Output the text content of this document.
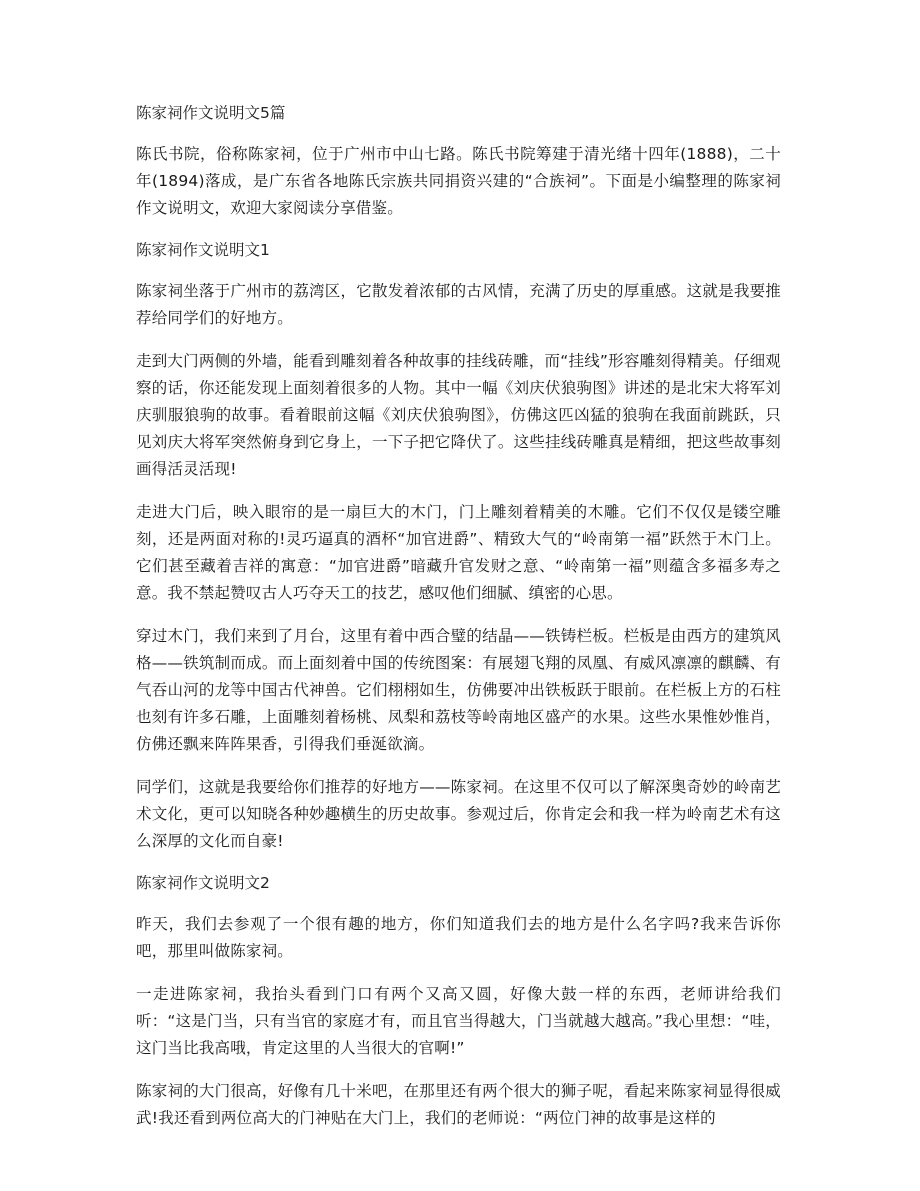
陈家祠作文说明文5篇

陈氏书院，俗称陈家祠，位于广州市中山七路。陈氏书院筹建于清光绪十四年(1888)，二十年(1894)落成，是广东省各地陈氏宗族共同捐资兴建的“合族祠”。下面是小编整理的陈家祠作文说明文，欢迎大家阅读分享借鉴。

陈家祠作文说明文1

陈家祠坐落于广州市的荔湾区，它散发着浓郁的古风情，充满了历史的厚重感。这就是我要推荐给同学们的好地方。

走到大门两侧的外墙，能看到雕刻着各种故事的挂线砖雕，而“挂线”形容雕刻得精美。仔细观察的话，你还能发现上面刻着很多的人物。其中一幅《刘庆伏狼驹图》讲述的是北宋大将军刘庆驯服狼驹的故事。看着眼前这幅《刘庆伏狼驹图》，仿佛这匹凶猛的狼驹在我面前跳跃，只见刘庆大将军突然俯身到它身上，一下子把它降伏了。这些挂线砖雕真是精细，把这些故事刻画得活灵活现!

走进大门后，映入眼帘的是一扇巨大的木门，门上雕刻着精美的木雕。它们不仅仅是镂空雕刻，还是两面对称的!灵巧逼真的酒杯“加官进爵”、精致大气的“岭南第一福”跃然于木门上。它们甚至藏着吉祥的寓意：“加官进爵”暗藏升官发财之意、“岭南第一福”则蕴含多福多寿之意。我不禁起赞叹古人巧夺天工的技艺，感叹他们细腻、缜密的心思。

穿过木门，我们来到了月台，这里有着中西合璧的结晶——铁铸栏板。栏板是由西方的建筑风格——铁筑制而成。而上面刻着中国的传统图案：有展翅飞翔的凤凰、有威风凛凛的麒麟、有气吞山河的龙等中国古代神兽。它们栩栩如生，仿佛要冲出铁板跃于眼前。在栏板上方的石柱也刻有许多石雕，上面雕刻着杨桃、凤梨和荔枝等岭南地区盛产的水果。这些水果惟妙惟肖，仿佛还飘来阵阵果香，引得我们垂涎欲滴。

同学们，这就是我要给你们推荐的好地方——陈家祠。在这里不仅可以了解深奥奇妙的岭南艺术文化，更可以知晓各种妙趣横生的历史故事。参观过后，你肯定会和我一样为岭南艺术有这么深厚的文化而自豪!

陈家祠作文说明文2

昨天，我们去参观了一个很有趣的地方，你们知道我们去的地方是什么名字吗?我来告诉你吧，那里叫做陈家祠。

一走进陈家祠，我抬头看到门口有两个又高又圆，好像大鼓一样的东西，老师讲给我们听：“这是门当，只有当官的家庭才有，而且官当得越大，门当就越大越高。”我心里想：“哇，这门当比我高哦，肯定这里的人当很大的官啊!”

陈家祠的大门很高，好像有几十米吧，在那里还有两个很大的狮子呢，看起来陈家祠显得很威武!我还看到两位高大的门神贴在大门上，我们的老师说：“两位门神的故事是这样的
